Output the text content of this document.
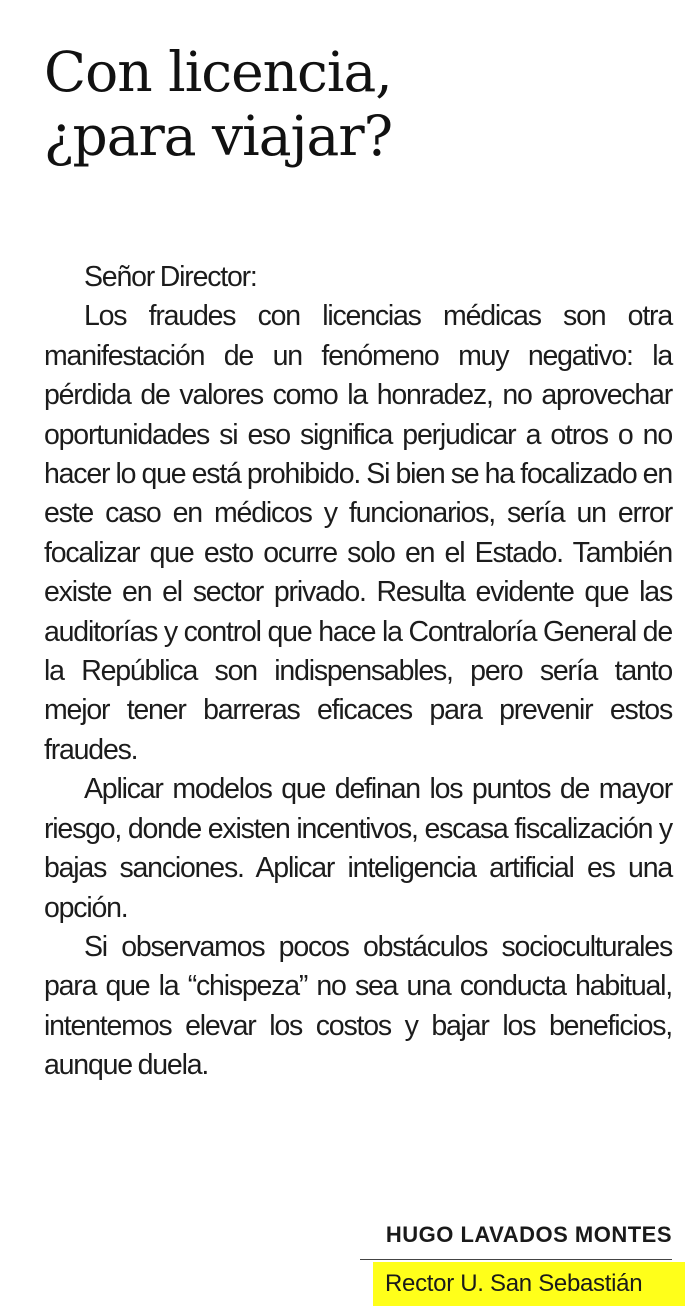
Con licencia,
¿para viajar?

Señor Director:

Los fraudes con licencias médicas son otra manifestación de un fenómeno muy negativo: la pérdida de valores como la honradez, no aprovechar oportunidades si eso significa perjudicar a otros o no hacer lo que está prohibido. Si bien se ha focalizado en este caso en médicos y funcionarios, sería un error focalizar que esto ocurre solo en el Estado. También existe en el sector privado. Resulta evidente que las auditorías y control que hace la Contraloría General de la República son indispensables, pero sería tanto mejor tener barreras eficaces para prevenir estos fraudes.

Aplicar modelos que definan los puntos de mayor riesgo, donde existen incentivos, escasa fiscalización y bajas sanciones. Aplicar inteligencia artificial es una opción.

Si observamos pocos obstáculos socioculturales para que la “chispeza” no sea una conducta habitual, intentemos elevar los costos y bajar los beneficios, aunque duela.

HUGO LAVADOS MONTES
Rector U. San Sebastián
